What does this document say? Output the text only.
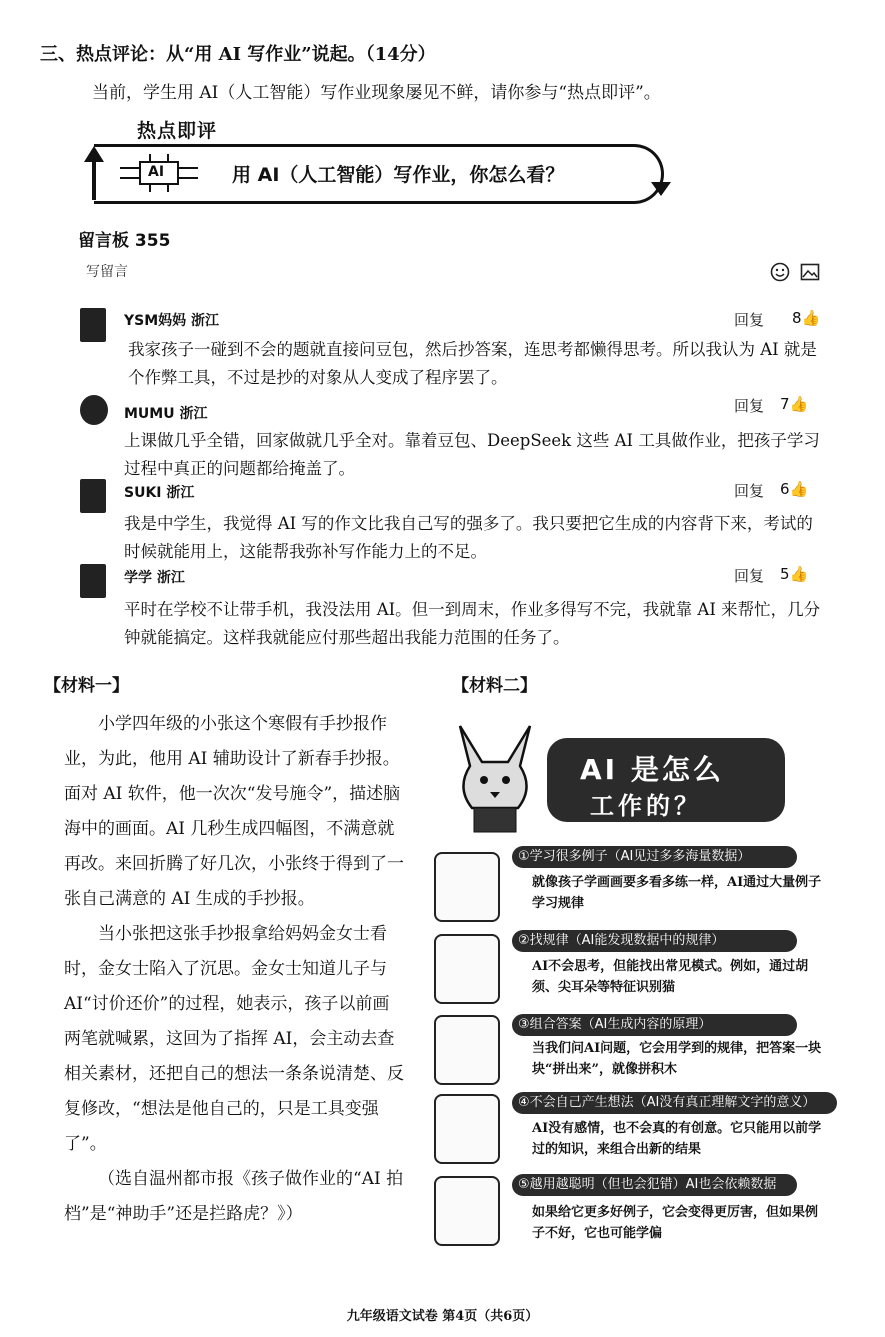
三、热点评论：从“用 AI 写作业”说起。（14分）
当前，学生用 AI（人工智能）写作业现象屡见不鲜，请你参与“热点即评”。
热点即评
AI	用 AI（人工智能）写作业，你怎么看？
留言板 355
写留言
YSM妈妈 浙江	回复 8👍
我家孩子一碰到不会的题就直接问豆包，然后抄答案，连思考都懒得思考。所以我认为 AI 就是个作弊工具，不过是抄的对象从人变成了程序罢了。
MUMU 浙江	回复 7👍
上课做几乎全错，回家做就几乎全对。靠着豆包、DeepSeek 这些 AI 工具做作业，把孩子学习过程中真正的问题都给掩盖了。
SUKI 浙江	回复 6👍
我是中学生，我觉得 AI 写的作文比我自己写的强多了。我只要把它生成的内容背下来，考试的时候就能用上，这能帮我弥补写作能力上的不足。
学学 浙江	回复 5👍
平时在学校不让带手机，我没法用 AI。但一到周末，作业多得写不完，我就靠 AI 来帮忙，几分钟就能搞定。这样我就能应付那些超出我能力范围的任务了。
【材料一】

小学四年级的小张这个寒假有手抄报作业，为此，他用 AI 辅助设计了新春手抄报。面对 AI 软件，他一次次“发号施令”，描述脑海中的画面。AI 几秒生成四幅图，不满意就再改。来回折腾了好几次，小张终于得到了一张自己满意的 AI 生成的手抄报。

当小张把这张手抄报拿给妈妈金女士看时，金女士陷入了沉思。金女士知道儿子与 AI“讨价还价”的过程，她表示，孩子以前画两笔就喊累，这回为了指挥 AI，会主动去查相关素材，还把自己的想法一条条说清楚、反复修改，“想法是他自己的，只是工具变强了”。

（选自温州都市报《孩子做作业的“AI 拍档”是“神助手”还是拦路虎？》）

【材料二】
AI 是怎么
工作的？
①学习很多例子（AI见过多多海量数据）
就像孩子学画画要多看多练一样，AI通过大量例子学习规律
②找规律（AI能发现数据中的规律）
AI不会思考，但能找出常见模式。例如，通过胡须、尖耳朵等特征识别猫
③组合答案（AI生成内容的原理）
当我们问AI问题，它会用学到的规律，把答案一块块“拼出来”，就像拼积木
④不会自己产生想法（AI没有真正理解文字的意义）
AI没有感情，也不会真的有创意。它只能用以前学过的知识，来组合出新的结果
⑤越用越聪明（但也会犯错）AI也会依赖数据
如果给它更多好例子，它会变得更厉害，但如果例子不好，它也可能学偏
九年级语文试卷 第4页（共6页）
